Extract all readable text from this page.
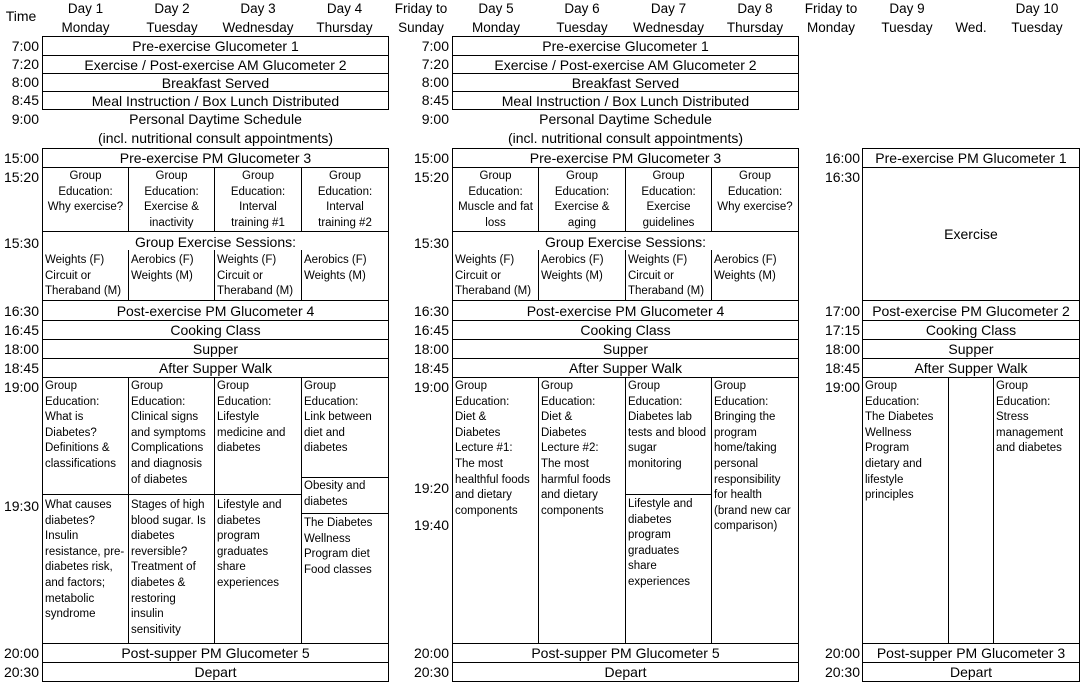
Time	Day 1
Monday
Day 2
Tuesday
Day 3
Wednesday
Day 4
Thursday
Friday to
Sunday
Day 5
Monday
Day 6
Tuesday
Day 7
Wednesday
Day 8
Thursday
Friday to
Monday
Day 9
Tuesday	Wed.
Day 10
Tuesday
7:00
7:20
8:00
8:45
9:00
15:00
15:20
15:30
16:30
16:45
18:00
18:45
19:00
19:30
20:00
20:30
7:00
7:20
8:00
8:45
9:00
15:00
15:20
15:30
16:30
16:45
18:00
18:45
19:00
19:20
19:40
20:00
20:30
16:00
16:30
17:00
17:15
18:00
18:45
19:00
20:00
20:30
Pre-exercise Glucometer 1
Exercise / Post-exercise AM Glucometer 2
Breakfast Served
Meal Instruction / Box Lunch Distributed
Personal Daytime Schedule
(incl. nutritional consult appointments)
Pre-exercise PM Glucometer 3
Group
Education:
Why exercise?
Group
Education:
Exercise &
inactivity
Group
Education:
Interval
training #1
Group
Education:
Interval
training #2
Group Exercise Sessions:
Weights (F)
Circuit or
Theraband (M)
Aerobics (F)
Weights (M)
Weights (F)
Circuit or
Theraband (M)
Aerobics (F)
Weights (M)
Post-exercise PM Glucometer 4
Cooking Class
Supper
After Supper Walk
Group
Education:
What is
Diabetes?
Definitions &
classifications
Group
Education:
Clinical signs
and symptoms
Complications
and diagnosis
of diabetes
Group
Education:
Lifestyle
medicine and
diabetes
Group
Education:
Link between
diet and
diabetes
Obesity and
diabetes
What causes
diabetes?
Insulin
resistance, pre-
diabetes risk,
and factors;
metabolic
syndrome
Stages of high
blood sugar. Is
diabetes
reversible?
Treatment of
diabetes &
restoring
insulin
sensitivity
Lifestyle and
diabetes
program
graduates
share
experiences
The Diabetes
Wellness
Program diet
Food classes
Post-supper PM Glucometer 5
Depart
Pre-exercise Glucometer 1
Exercise / Post-exercise AM Glucometer 2
Breakfast Served
Meal Instruction / Box Lunch Distributed
Personal Daytime Schedule
(incl. nutritional consult appointments)
Pre-exercise PM Glucometer 3
Group
Education:
Muscle and fat
loss
Group
Education:
Exercise &
aging
Group
Education:
Exercise
guidelines
Group
Education:
Why exercise?
Group Exercise Sessions:
Weights (F)
Circuit or
Theraband (M)
Aerobics (F)
Weights (M)
Weights (F)
Circuit or
Theraband (M)
Aerobics (F)
Weights (M)
Post-exercise PM Glucometer 4
Cooking Class
Supper
After Supper Walk
Group
Education:
Diet &
Diabetes
Lecture #1:
The most
healthful foods
and dietary
components
Group
Education:
Diet &
Diabetes
Lecture #2:
The most
harmful foods
and dietary
components
Group
Education:
Diabetes lab
tests and blood
sugar
monitoring
Group
Education:
Bringing the
program
home/taking
personal
responsibility
for health
(brand new car
comparison)
Lifestyle and
diabetes
program
graduates
share
experiences
Post-supper PM Glucometer 5
Depart
Pre-exercise PM Glucometer 1
Exercise
Post-exercise PM Glucometer 2
Cooking Class
Supper
After Supper Walk
Group
Education:
The Diabetes
Wellness
Program
dietary and
lifestyle
principles
Group
Education:
Stress
management
and diabetes
Post-supper PM Glucometer 3
Depart
